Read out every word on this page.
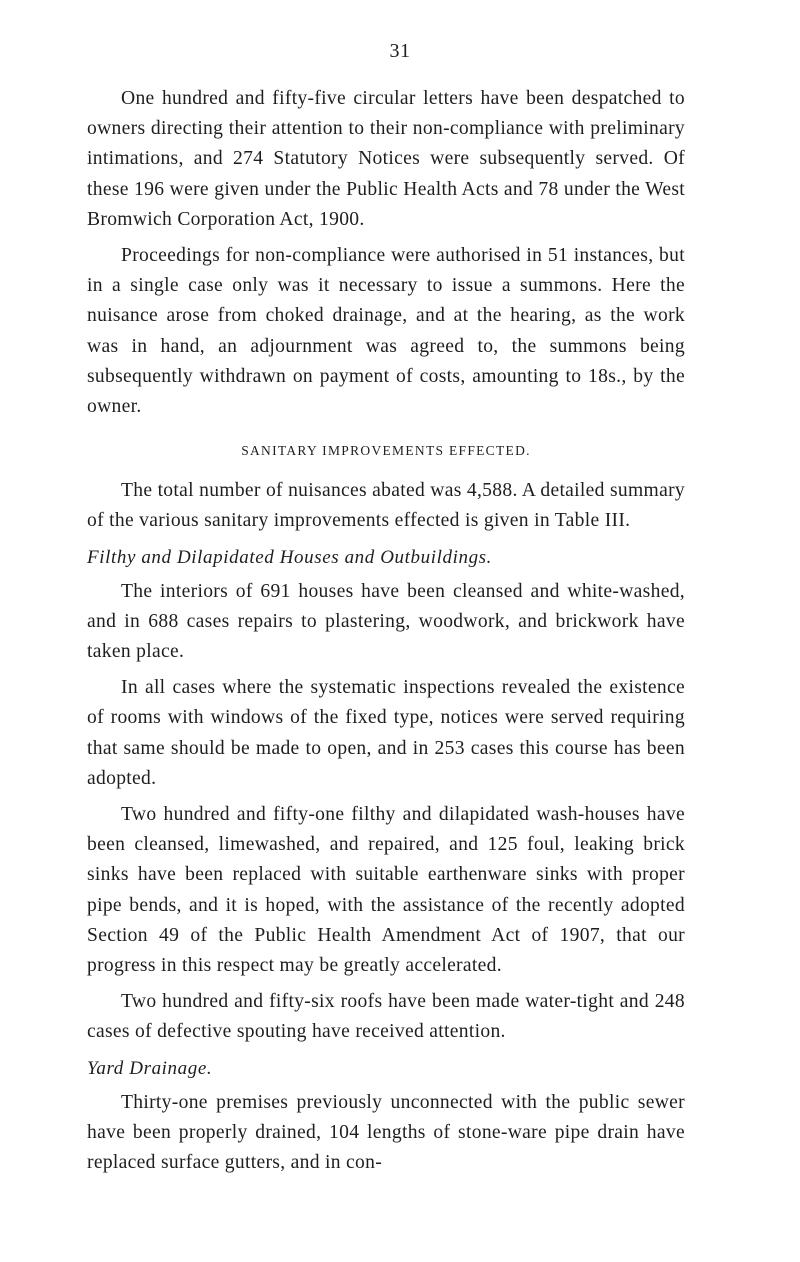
31

One hundred and fifty-five circular letters have been despatched to owners directing their attention to their non-compliance with preliminary intimations, and 274 Statutory Notices were subsequently served. Of these 196 were given under the Public Health Acts and 78 under the West Bromwich Corporation Act, 1900.

Proceedings for non-compliance were authorised in 51 instances, but in a single case only was it necessary to issue a summons. Here the nuisance arose from choked drainage, and at the hearing, as the work was in hand, an adjournment was agreed to, the summons being subsequently withdrawn on payment of costs, amounting to 18s., by the owner.

SANITARY IMPROVEMENTS EFFECTED.

The total number of nuisances abated was 4,588. A detailed summary of the various sanitary improvements effected is given in Table III.

Filthy and Dilapidated Houses and Outbuildings.

The interiors of 691 houses have been cleansed and white-washed, and in 688 cases repairs to plastering, woodwork, and brickwork have taken place.

In all cases where the systematic inspections revealed the existence of rooms with windows of the fixed type, notices were served requiring that same should be made to open, and in 253 cases this course has been adopted.

Two hundred and fifty-one filthy and dilapidated wash-houses have been cleansed, limewashed, and repaired, and 125 foul, leaking brick sinks have been replaced with suitable earthenware sinks with proper pipe bends, and it is hoped, with the assistance of the recently adopted Section 49 of the Public Health Amendment Act of 1907, that our progress in this respect may be greatly accelerated.

Two hundred and fifty-six roofs have been made water-tight and 248 cases of defective spouting have received attention.

Yard Drainage.

Thirty-one premises previously unconnected with the public sewer have been properly drained, 104 lengths of stone-ware pipe drain have replaced surface gutters, and in con-
